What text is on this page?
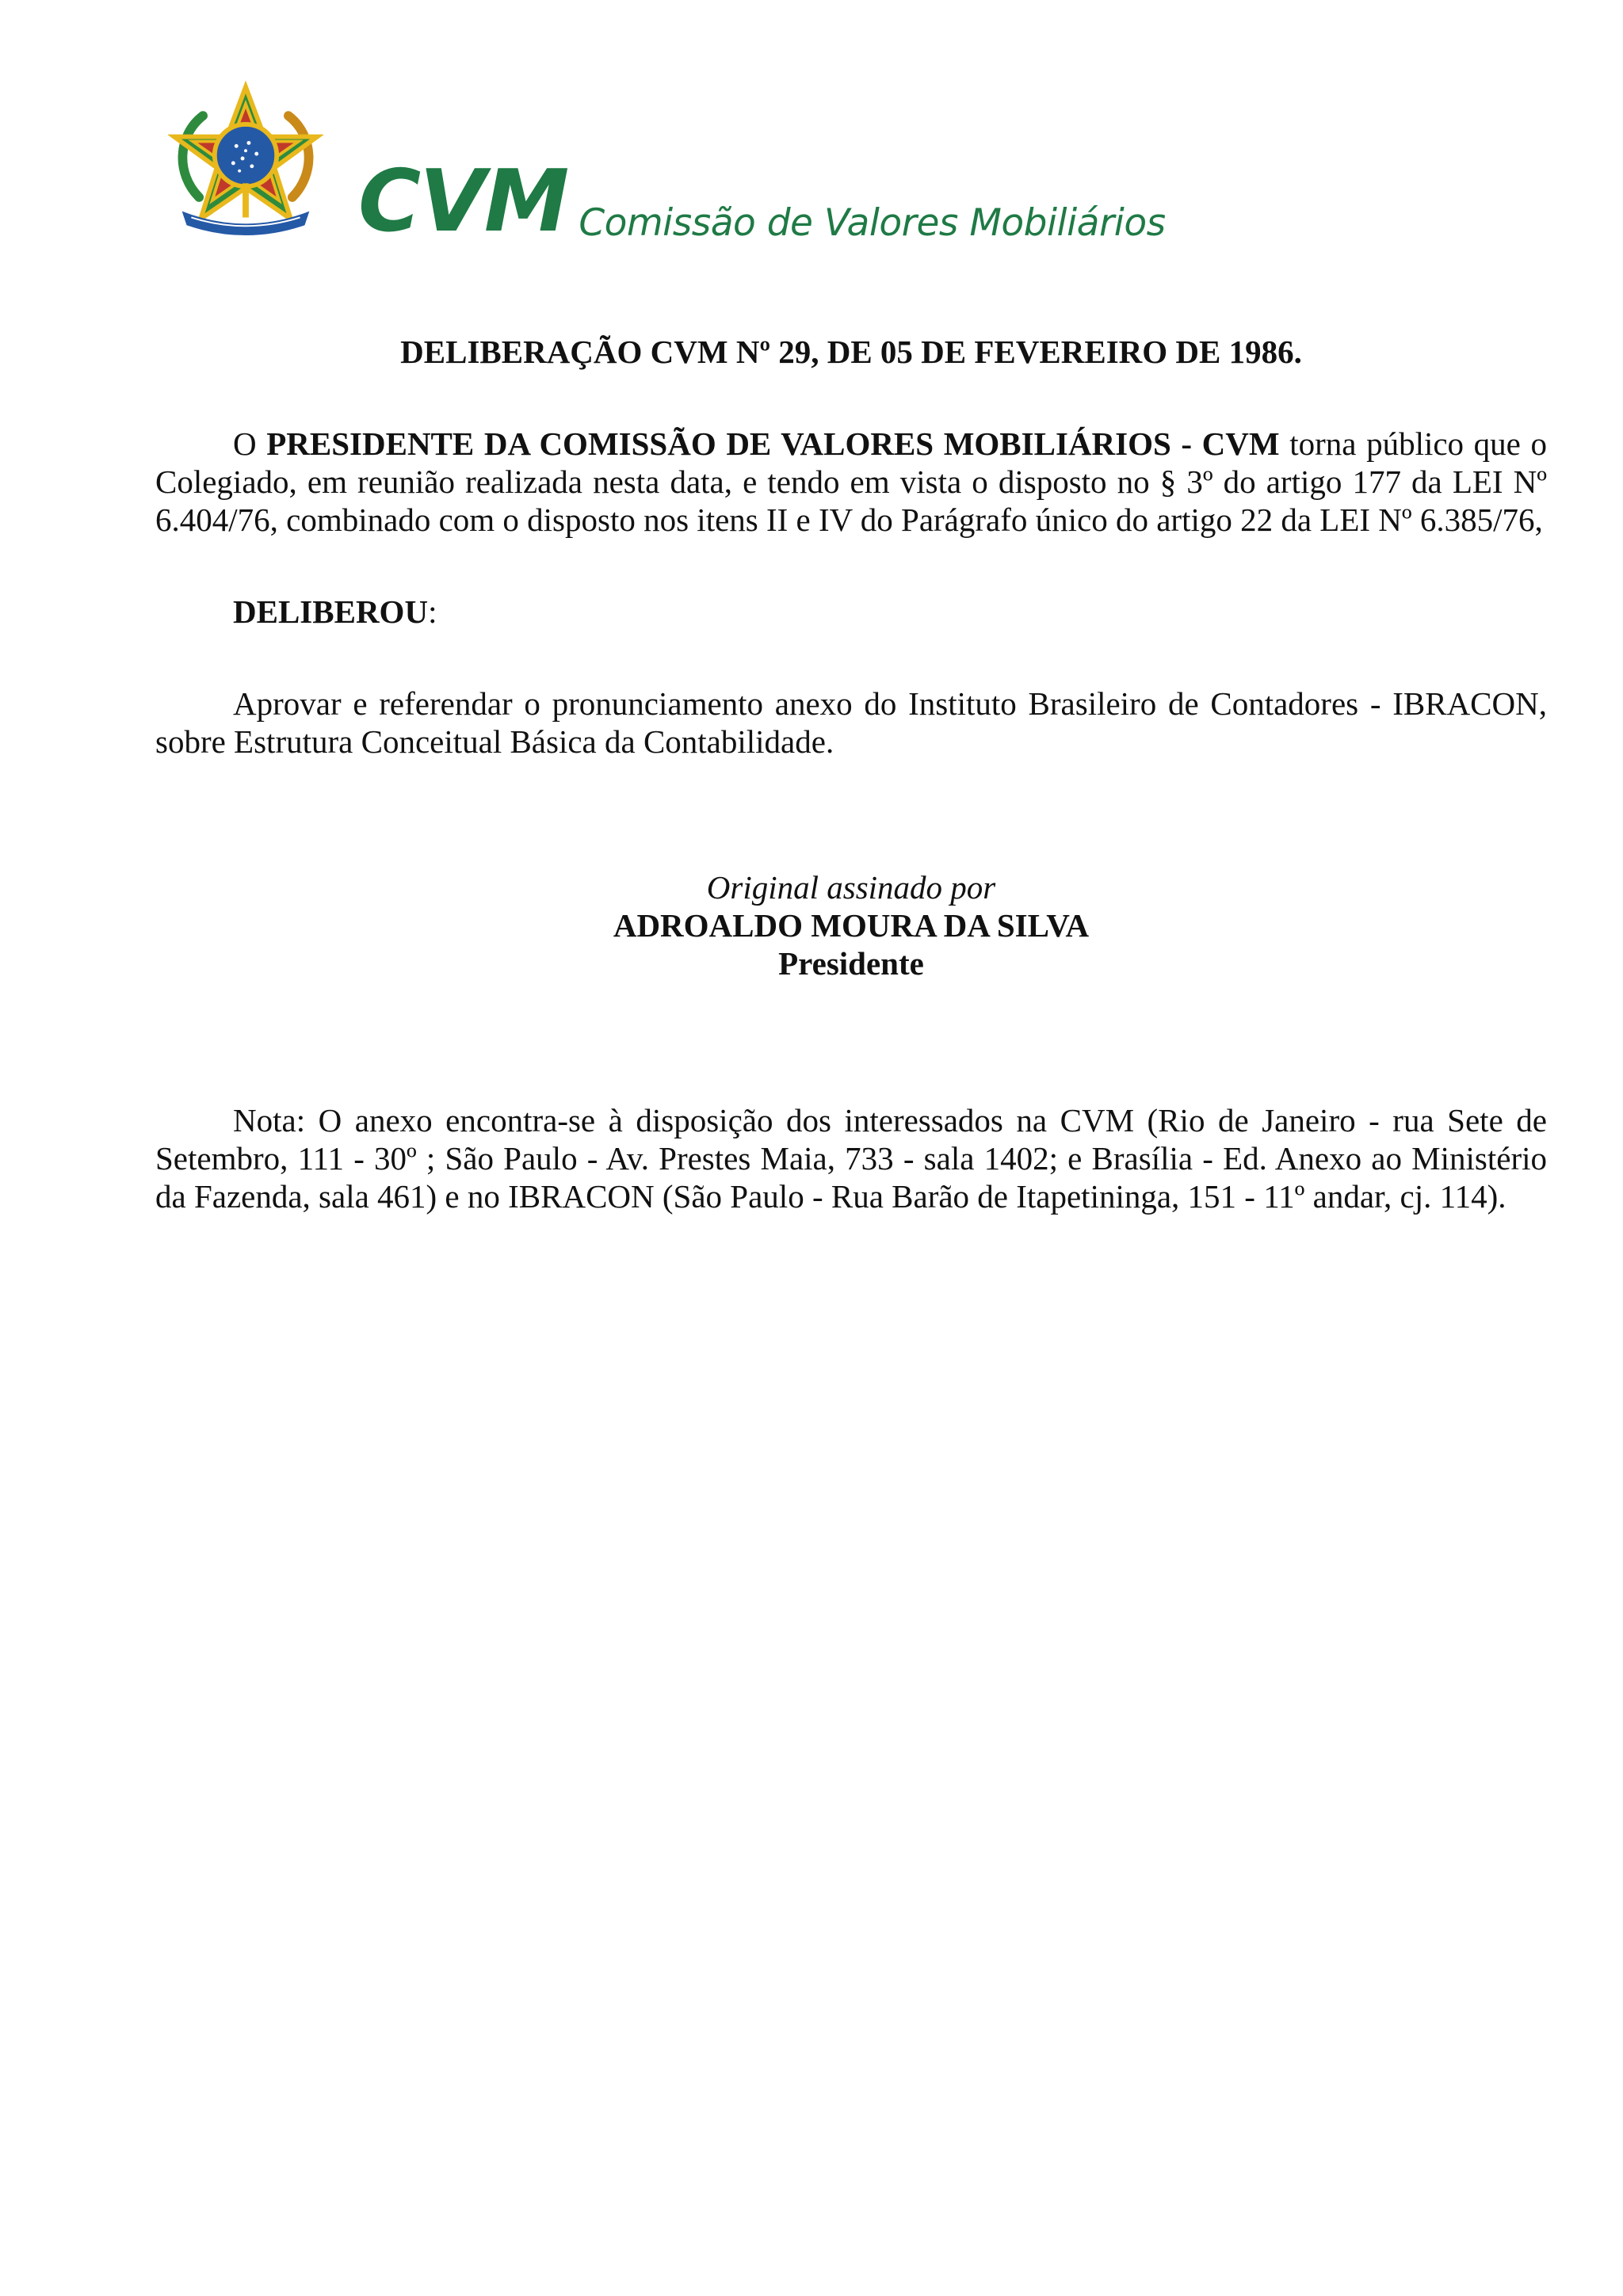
CVM Comissão de Valores Mobiliários

DELIBERAÇÃO CVM Nº 29, DE 05 DE FEVEREIRO DE 1986.

O PRESIDENTE DA COMISSÃO DE VALORES MOBILIÁRIOS - CVM torna público que o Colegiado, em reunião realizada nesta data, e tendo em vista o disposto no § 3º do artigo 177 da LEI Nº 6.404/76, combinado com o disposto nos itens II e IV do Parágrafo único do artigo 22 da LEI Nº 6.385/76,

DELIBEROU:

Aprovar e referendar o pronunciamento anexo do Instituto Brasileiro de Contadores - IBRACON, sobre Estrutura Conceitual Básica da Contabilidade.

Original assinado por
ADROALDO MOURA DA SILVA
Presidente

Nota: O anexo encontra-se à disposição dos interessados na CVM (Rio de Janeiro - rua Sete de Setembro, 111 - 30º ; São Paulo - Av. Prestes Maia, 733 - sala 1402; e Brasília - Ed. Anexo ao Ministério da Fazenda, sala 461) e no IBRACON (São Paulo - Rua Barão de Itapetininga, 151 - 11º andar, cj. 114).
